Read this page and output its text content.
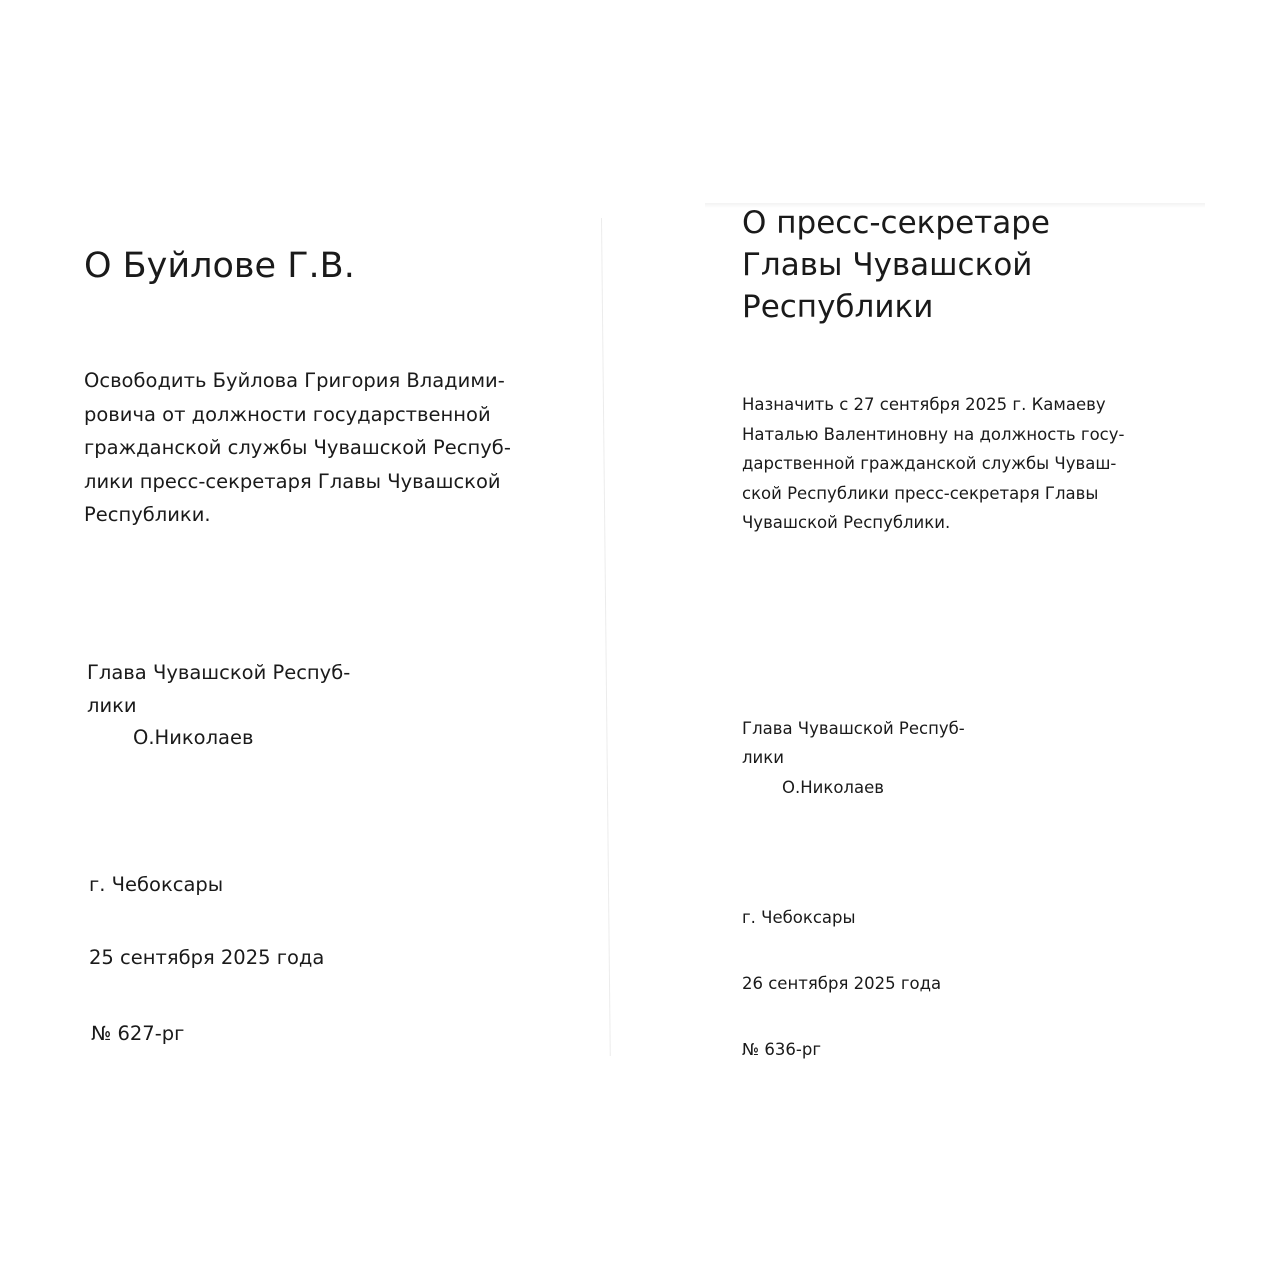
О Буйлове Г.В.

Освободить Буйлова Григория Владими-
ровича от должности государственной
гражданской службы Чувашской Респуб-
лики пресс-секретаря Главы Чувашской
Республики.

Глава Чувашской Респуб-
лики
О.Николаев
г. Чебоксары
25 сентября 2025 года
№ 627-рг
О пресс-секретаре
Главы Чувашской
Республики

Назначить с 27 сентября 2025 г. Камаеву
Наталью Валентиновну на должность госу-
дарственной гражданской службы Чуваш-
ской Республики пресс-секретаря Главы
Чувашской Республики.

Глава Чувашской Респуб-
лики
О.Николаев
г. Чебоксары
26 сентября 2025 года
№ 636-рг
